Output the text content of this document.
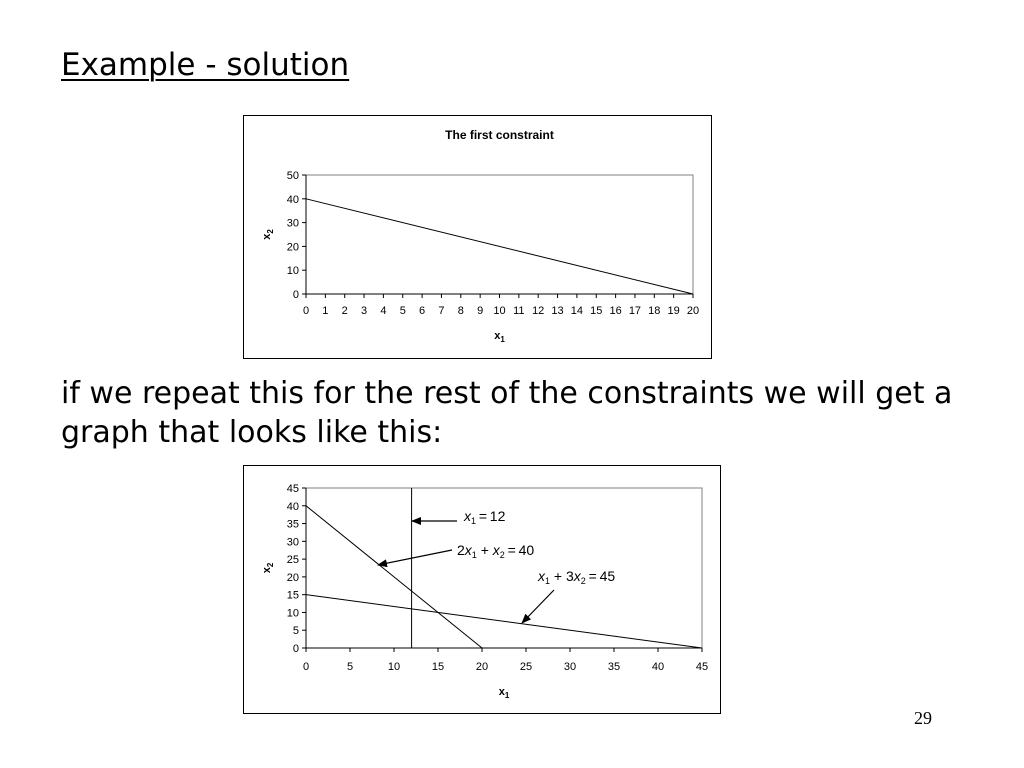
Example - solution
The first constraint
0
10
20
30
40
50
0 1 2 3 4 5 6 7 8 9 10 11 12 13 14 15 16 17 18 19 20
$x_1$
$x_2$
if we repeat this for the rest of the constraints we will get a graph that looks like this:
0
5
10
15
20
25
30
35
40
45
0	5	10	15	20	25	30	35	40	45
$x_1$
$x_2$
$x_1 = 12$
$2x_1 + x_2 = 40$
$x_1 + 3x_2 = 45$
29
